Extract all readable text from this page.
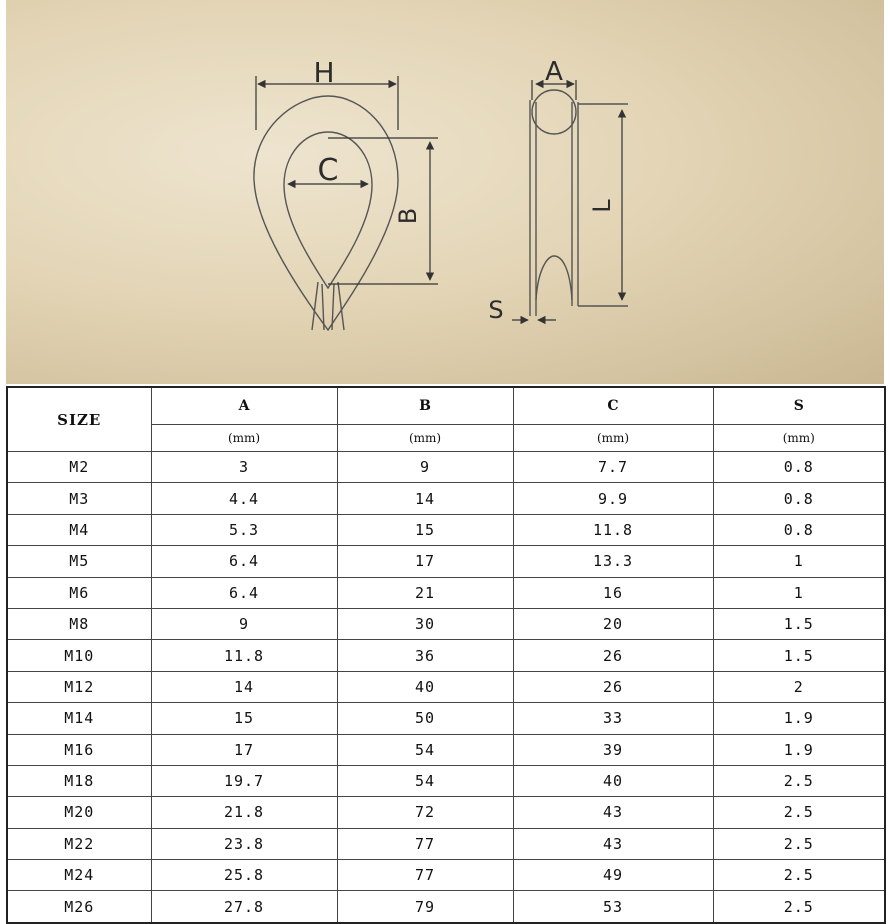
H
C
B
A
L
S
SIZE	A	B	C	S
	(mm)	(mm)	(mm)	(mm)
M2	3	9	7.7	0.8
M3	4.4	14	9.9	0.8
M4	5.3	15	11.8	0.8
M5	6.4	17	13.3	1
M6	6.4	21	16	1
M8	9	30	20	1.5
M10	11.8	36	26	1.5
M12	14	40	26	2
M14	15	50	33	1.9
M16	17	54	39	1.9
M18	19.7	54	40	2.5
M20	21.8	72	43	2.5
M22	23.8	77	43	2.5
M24	25.8	77	49	2.5
M26	27.8	79	53	2.5
